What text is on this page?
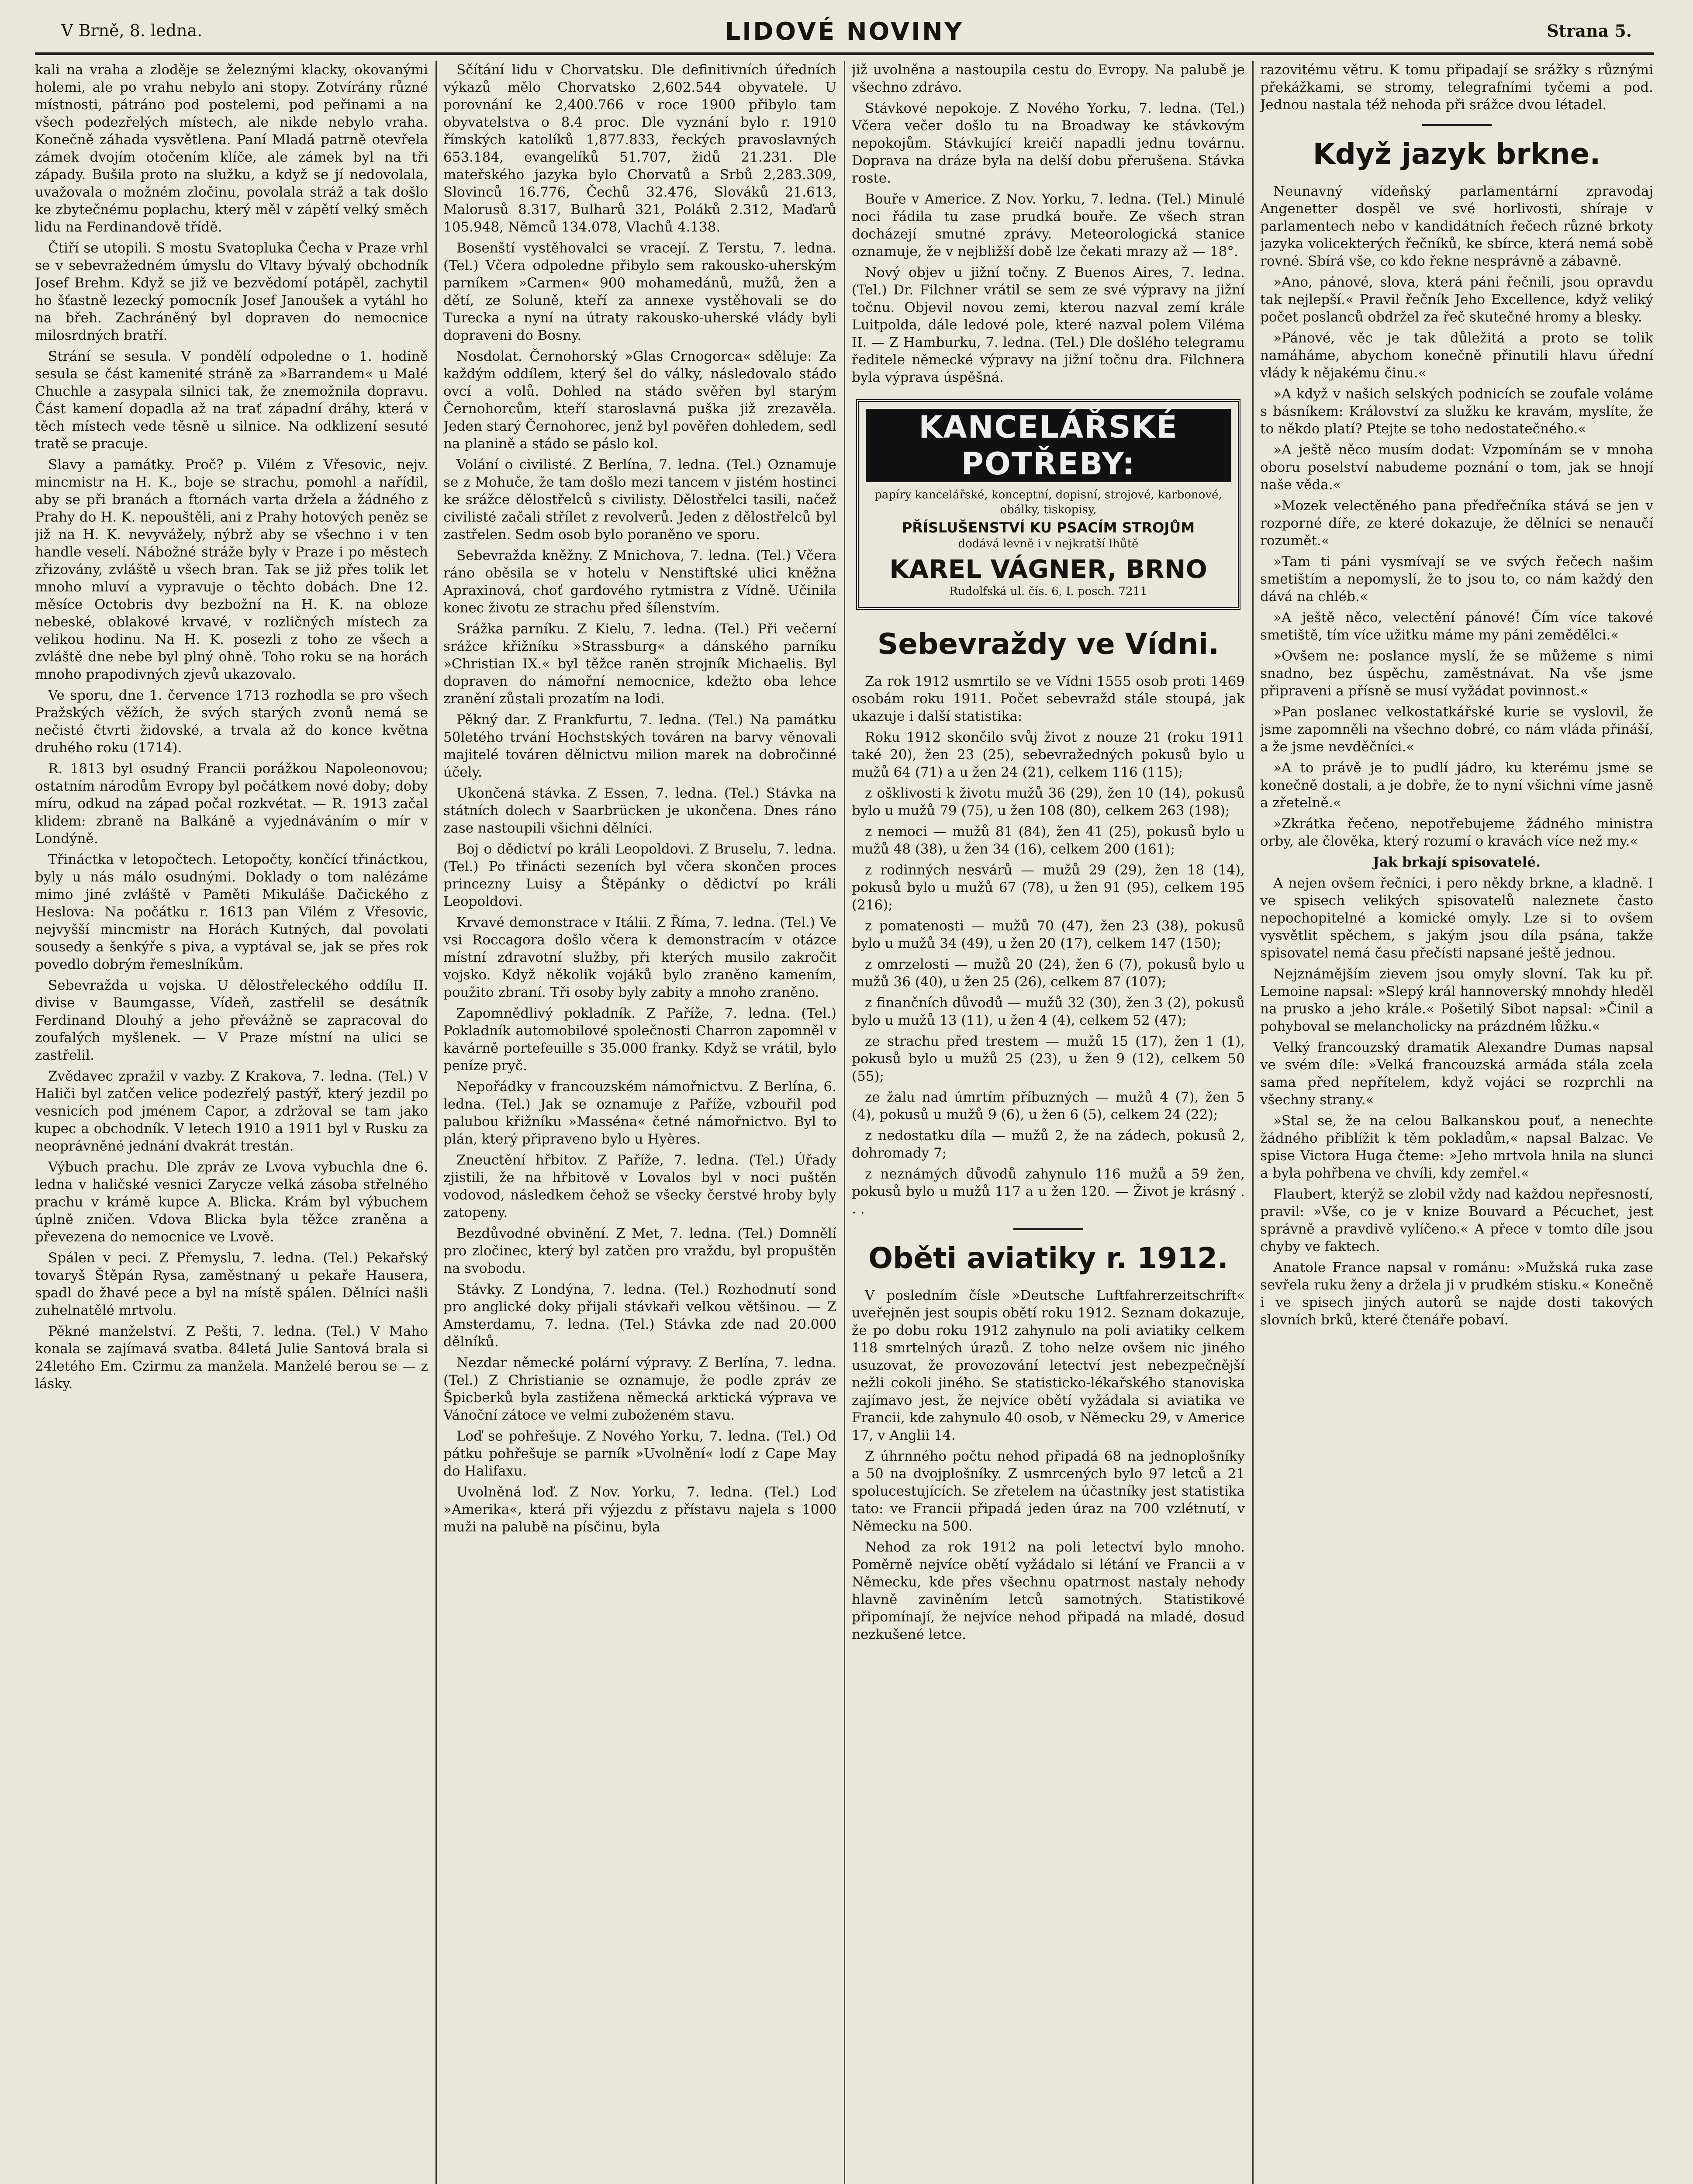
V Brně, 8. ledna.	LIDOVÉ NOVINY	Strana 5.

kali na vraha a zloděje se železnými klacky, okovanými holemi, ale po vrahu nebylo ani stopy. Zotvírány různé místnosti, pátráno pod postelemi, pod peřinami a na všech podezřelých místech, ale nikde nebylo vraha. Konečně záhada vysvětlena. Paní Mladá patrně otevřela zámek dvojím otočením klíče, ale zámek byl na tři západy. Bušila proto na služku, a když se jí nedovolala, uvažovala o možném zločinu, povolala stráž a tak došlo ke zbytečnému poplachu, který měl v zápětí velký směch lidu na Ferdinandově třídě.

Čtiří se utopili. S mostu Svatopluka Čecha v Praze vrhl se v sebevražedném úmyslu do Vltavy bývalý obchodník Josef Brehm. Když se již ve bezvědomí potápěl, zachytil ho šťastně lezecký pomocník Josef Janoušek a vytáhl ho na břeh. Zachráněný byl dopraven do nemocnice milosrdných bratří.

Strání se sesula. V pondělí odpoledne o 1. hodině sesula se část kamenité stráně za »Barrandem« u Malé Chuchle a zasypala silnici tak, že znemožnila dopravu. Část kamení dopadla až na trať západní dráhy, která v těch místech vede těsně u silnice. Na odklizení sesuté tratě se pracuje.

Slavy a památky. Proč? p. Vilém z Vřesovic, nejv. mincmistr na H. K., boje se strachu, pomohl a nařídil, aby se při branách a ftornách varta držela a žádného z Prahy do H. K. nepouštěli, ani z Prahy hotových peněz se již na H. K. nevyvážely, nýbrž aby se všechno i v ten handle veselí. Nábožné stráže byly v Praze i po městech zřizovány, zvláště u všech bran. Tak se již přes tolik let mnoho mluví a vypravuje o těchto dobách. Dne 12. měsíce Octobris dvy bezbožní na H. K. na obloze nebeské, oblakové krvavé, v rozličných místech za velikou hodinu. Na H. K. posezli z toho ze všech a zvláště dne nebe byl plný ohně. Toho roku se na horách mnoho prapodivných zjevů ukazovalo.

Ve sporu, dne 1. července 1713 rozhodla se pro všech Pražských věžích, že svých starých zvonů nemá se nečisté čtvrti židovské, a trvala až do konce května druhého roku (1714).

R. 1813 byl osudný Francii porážkou Napoleonovou; ostatním národům Evropy byl počátkem nové doby; doby míru, odkud na západ počal rozkvétat. — R. 1913 začal klidem: zbraně na Balkáně a vyjednáváním o mír v Londýně.

Třináctka v letopočtech. Letopočty, končící třináctkou, byly u nás málo osudnými. Doklady o tom nalézáme mimo jiné zvláště v Paměti Mikuláše Dačického z Heslova: Na počátku r. 1613 pan Vilém z Vřesovic, nejvyšší mincmistr na Horách Kutných, dal povolati sousedy a šenkýře s piva, a vyptával se, jak se přes rok povedlo dobrým řemeslníkům.

Sebevražda u vojska. U dělostřeleckého oddílu II. divise v Baumgasse, Vídeň, zastřelil se desátník Ferdinand Dlouhý a jeho převážně se zapracoval do zoufalých myšlenek. — V Praze místní na ulici se zastřelil.

Zvědavec zpražil v vazby. Z Krakova, 7. ledna. (Tel.) V Haliči byl zatčen velice podezřelý pastýř, který jezdil po vesnicích pod jménem Capor, a zdržoval se tam jako kupec a obchodník. V letech 1910 a 1911 byl v Rusku za neoprávněné jednání dvakrát trestán.

Výbuch prachu. Dle zpráv ze Lvova vybuchla dne 6. ledna v haličské vesnici Zarycze velká zásoba střelného prachu v krámě kupce A. Blicka. Krám byl výbuchem úplně zničen. Vdova Blicka byla těžce zraněna a převezena do nemocnice ve Lvově.

Spálen v peci. Z Přemyslu, 7. ledna. (Tel.) Pekařský tovaryš Štěpán Rysa, zaměstnaný u pekaře Hausera, spadl do žhavé pece a byl na místě spálen. Dělníci našli zuhelnatělé mrtvolu.

Pěkné manželství. Z Pešti, 7. ledna. (Tel.) V Maho konala se zajímavá svatba. 84letá Julie Santová brala si 24letého Em. Czirmu za manžela. Manželé berou se — z lásky.

Sčítání lidu v Chorvatsku. Dle definitivních úředních výkazů mělo Chorvatsko 2,602.544 obyvatele. U porovnání ke 2,400.766 v roce 1900 přibylo tam obyvatelstva o 8.4 proc. Dle vyznání bylo r. 1910 římských katolíků 1,877.833, řeckých pravoslavných 653.184, evangelíků 51.707, židů 21.231. Dle mateřského jazyka bylo Chorvatů a Srbů 2,283.309, Slovinců 16.776, Čechů 32.476, Slováků 21.613, Malorusů 8.317, Bulharů 321, Poláků 2.312, Maďarů 105.948, Němců 134.078, Vlachů 4.138.

Bosenští vystěhovalci se vracejí. Z Terstu, 7. ledna. (Tel.) Včera odpoledne přibylo sem rakousko-uherským parníkem »Carmen« 900 mohamedánů, mužů, žen a dětí, ze Soluně, kteří za annexe vystěhovali se do Turecka a nyní na útraty rakousko-uherské vlády byli dopraveni do Bosny.

Nosdolat. Černohorský »Glas Crnogorca« sděluje: Za každým oddílem, který šel do války, následovalo stádo ovcí a volů. Dohled na stádo svěřen byl starým Černohorcům, kteří staroslavná puška již zrezavěla. Jeden starý Černohorec, jenž byl pověřen dohledem, sedl na planině a stádo se páslo kol.

Volání o civilisté. Z Berlína, 7. ledna. (Tel.) Oznamuje se z Mohuče, že tam došlo mezi tancem v jistém hostinci ke srážce dělostřelců s civilisty. Dělostřelci tasili, načež civilisté začali střílet z revolverů. Jeden z dělostřelců byl zastřelen. Sedm osob bylo poraněno ve sporu.

Sebevražda kněžny. Z Mnichova, 7. ledna. (Tel.) Včera ráno oběsila se v hotelu v Nenstiftské ulici kněžna Apraxinová, choť gardového rytmistra z Vídně. Učinila konec životu ze strachu před šílenstvím.

Srážka parníku. Z Kielu, 7. ledna. (Tel.) Při večerní srážce křižníku »Strassburg« a dánského parníku »Christian IX.« byl těžce raněn strojník Michaelis. Byl dopraven do námořní nemocnice, kdežto oba lehce zranění zůstali prozatím na lodi.

Pěkný dar. Z Frankfurtu, 7. ledna. (Tel.) Na památku 50letého trvání Hochstských továren na barvy věnovali majitelé továren dělnictvu milion marek na dobročinné účely.

Ukončená stávka. Z Essen, 7. ledna. (Tel.) Stávka na státních dolech v Saarbrücken je ukončena. Dnes ráno zase nastoupili všichni dělníci.

Boj o dědictví po králi Leopoldovi. Z Bruselu, 7. ledna. (Tel.) Po třinácti sezeních byl včera skončen proces princezny Luisy a Štěpánky o dědictví po králi Leopoldovi.

Krvavé demonstrace v Itálii. Z Říma, 7. ledna. (Tel.) Ve vsi Roccagora došlo včera k demonstracím v otázce místní zdravotní služby, při kterých musilo zakročit vojsko. Když několik vojáků bylo zraněno kamením, použito zbraní. Tři osoby byly zabity a mnoho zraněno.

Zapomnědlivý pokladník. Z Paříže, 7. ledna. (Tel.) Pokladník automobilové společnosti Charron zapomněl v kavárně portefeuille s 35.000 franky. Když se vrátil, bylo peníze pryč.

Nepořádky v francouzském námořnictvu. Z Berlína, 6. ledna. (Tel.) Jak se oznamuje z Paříže, vzbouřil pod palubou křižníku »Masséna« četné námořnictvo. Byl to plán, který připraveno bylo u Hyères.

Zneuctění hřbitov. Z Paříže, 7. ledna. (Tel.) Úřady zjistili, že na hřbitově v Lovalos byl v noci puštěn vodovod, následkem čehož se všecky čerstvé hroby byly zatopeny.

Bezdůvodné obvinění. Z Met, 7. ledna. (Tel.) Domnělí pro zločinec, který byl zatčen pro vraždu, byl propuštěn na svobodu.

Stávky. Z Londýna, 7. ledna. (Tel.) Rozhodnutí sond pro anglické doky přijali stávkaři velkou většinou. — Z Amsterdamu, 7. ledna. (Tel.) Stávka zde nad 20.000 dělníků.

Nezdar německé polární výpravy. Z Berlína, 7. ledna. (Tel.) Z Christianie se oznamuje, že podle zpráv ze Špicberků byla zastižena německá arktická výprava ve Vánoční zátoce ve velmi zuboženém stavu.

Loď se pohřešuje. Z Nového Yorku, 7. ledna. (Tel.) Od pátku pohřešuje se parník »Uvolnění« lodí z Cape May do Halifaxu.

Uvolněná loď. Z Nov. Yorku, 7. ledna. (Tel.) Loď »Amerika«, která při výjezdu z přístavu najela s 1000 muži na palubě na písčinu, byla

již uvolněna a nastoupila cestu do Evropy. Na palubě je všechno zdrávo.

Stávkové nepokoje. Z Nového Yorku, 7. ledna. (Tel.) Včera večer došlo tu na Broadway ke stávkovým nepokojům. Stávkující kreičí napadli jednu továrnu. Doprava na dráze byla na delší dobu přerušena. Stávka roste.

Bouře v Americe. Z Nov. Yorku, 7. ledna. (Tel.) Minulé noci řádila tu zase prudká bouře. Ze všech stran docházejí smutné zprávy. Meteorologická stanice oznamuje, že v nejbližší době lze čekati mrazy až — 18°.

Nový objev u jižní točny. Z Buenos Aires, 7. ledna. (Tel.) Dr. Filchner vrátil se sem ze své výpravy na jižní točnu. Objevil novou zemi, kterou nazval zemí krále Luitpolda, dále ledové pole, které nazval polem Viléma II. — Z Hamburku, 7. ledna. (Tel.) Dle došlého telegramu ředitele německé výpravy na jižní točnu dra. Filchnera byla výprava úspěšná.

KANCELÁŘSKÉ POTŘEBY:
papíry kancelářské, konceptní, dopisní, strojové, karbonové, obálky, tiskopisy,
PŘÍSLUŠENSTVÍ KU PSACÍM STROJŮM
dodává levně i v nejkratší lhůtě
KAREL VÁGNER, BRNO
Rudolfská ul. čís. 6, I. posch. 7211
Sebevraždy ve Vídni.

Za rok 1912 usmrtilo se ve Vídni 1555 osob proti 1469 osobám roku 1911. Počet sebevražd stále stoupá, jak ukazuje i další statistika:

Roku 1912 skončilo svůj život z nouze 21 (roku 1911 také 20), žen 23 (25), sebevražedných pokusů bylo u mužů 64 (71) a u žen 24 (21), celkem 116 (115);

z ošklivosti k životu mužů 36 (29), žen 10 (14), pokusů bylo u mužů 79 (75), u žen 108 (80), celkem 263 (198);

z nemoci — mužů 81 (84), žen 41 (25), pokusů bylo u mužů 48 (38), u žen 34 (16), celkem 200 (161);

z rodinných nesvárů — mužů 29 (29), žen 18 (14), pokusů bylo u mužů 67 (78), u žen 91 (95), celkem 195 (216);

z pomatenosti — mužů 70 (47), žen 23 (38), pokusů bylo u mužů 34 (49), u žen 20 (17), celkem 147 (150);

z omrzelosti — mužů 20 (24), žen 6 (7), pokusů bylo u mužů 36 (40), u žen 25 (26), celkem 87 (107);

z finančních důvodů — mužů 32 (30), žen 3 (2), pokusů bylo u mužů 13 (11), u žen 4 (4), celkem 52 (47);

ze strachu před trestem — mužů 15 (17), žen 1 (1), pokusů bylo u mužů 25 (23), u žen 9 (12), celkem 50 (55);

ze žalu nad úmrtím příbuzných — mužů 4 (7), žen 5 (4), pokusů u mužů 9 (6), u žen 6 (5), celkem 24 (22);

z nedostatku díla — mužů 2, že na zádech, pokusů 2, dohromady 7;

z neznámých důvodů zahynulo 116 mužů a 59 žen, pokusů bylo u mužů 117 a u žen 120. — Život je krásný . . .

Oběti aviatiky r. 1912.

V posledním čísle »Deutsche Luftfahrerzeitschrift« uveřejněn jest soupis obětí roku 1912. Seznam dokazuje, že po dobu roku 1912 zahynulo na poli aviatiky celkem 118 smrtelných úrazů. Z toho nelze ovšem nic jiného usuzovat, že provozování letectví jest nebezpečnější nežli cokoli jiného. Se statisticko-lékařského stanoviska zajímavo jest, že nejvíce obětí vyžádala si aviatika ve Francii, kde zahynulo 40 osob, v Německu 29, v Americe 17, v Anglii 14.

Z úhrnného počtu nehod připadá 68 na jednoplošníky a 50 na dvojplošníky. Z usmrcených bylo 97 letců a 21 spolucestujících. Se zřetelem na účastníky jest statistika tato: ve Francii připadá jeden úraz na 700 vzlétnutí, v Německu na 500.

Nehod za rok 1912 na poli letectví bylo mnoho. Poměrně nejvíce obětí vyžádalo si létání ve Francii a v Německu, kde přes všechnu opatrnost nastaly nehody hlavně zaviněním letců samotných. Statistikové připomínají, že nejvíce nehod připadá na mladé, dosud nezkušené letce.

razovitému větru. K tomu připadají se srážky s různými překážkami, se stromy, telegrafními tyčemi a pod. Jednou nastala též nehoda při srážce dvou létadel.

Když jazyk brkne.

Neunavný vídeňský parlamentární zpravodaj Angenetter dospěl ve své horlivosti, shíraje v parlamentech nebo v kandidátních řečech různé brkoty jazyka volicekterých řečníků, ke sbírce, která nemá sobě rovné. Sbírá vše, co kdo řekne nesprávně a zábavně.

»Ano, pánové, slova, která páni řečnili, jsou opravdu tak nejlepší.« Pravil řečník Jeho Excellence, když veliký počet poslanců obdržel za řeč skutečné hromy a blesky.

»Pánové, věc je tak důležitá a proto se tolik namáháme, abychom konečně přinutili hlavu úřední vlády k nějakému činu.«

»A když v našich selských podnicích se zoufale voláme s básníkem: Království za služku ke kravám, myslíte, že to někdo platí? Ptejte se toho nedostatečného.«

»A ještě něco musím dodat: Vzpomínám se v mnoha oboru poselství nabudeme poznání o tom, jak se hnojí naše věda.«

»Mozek velectěného pana předřečníka stává se jen v rozporné díře, ze které dokazuje, že dělníci se nenaučí rozumět.«

»Tam ti páni vysmívají se ve svých řečech našim smetištím a nepomyslí, že to jsou to, co nám každý den dává na chléb.«

»A ještě něco, velectění pánové! Čím více takové smetiště, tím více užitku máme my páni zemědělci.«

»Ovšem ne: poslance myslí, že se můžeme s nimi snadno, bez úspěchu, zaměstnávat. Na vše jsme připraveni a přísně se musí vyžádat povinnost.«

»Pan poslanec velkostatkářské kurie se vyslovil, že jsme zapomněli na všechno dobré, co nám vláda přináší, a že jsme nevděčníci.«

»A to právě je to pudlí jádro, ku kterému jsme se konečně dostali, a je dobře, že to nyní všichni víme jasně a zřetelně.«

»Zkrátka řečeno, nepotřebujeme žádného ministra orby, ale člověka, který rozumí o kravách více než my.«

Jak brkají spisovatelé.

A nejen ovšem řečníci, i pero někdy brkne, a kladně. I ve spisech velikých spisovatelů naleznete často nepochopitelné a komické omyly. Lze si to ovšem vysvětlit spěchem, s jakým jsou díla psána, takže spisovatel nemá času přečísti napsané ještě jednou.

Nejznámějším zievem jsou omyly slovní. Tak ku př. Lemoine napsal: »Slepý král hannoverský mnohdy hleděl na prusko a jeho krále.« Pošetilý Sibot napsal: »Činil a pohyboval se melancholicky na prázdném lůžku.«

Velký francouzský dramatik Alexandre Dumas napsal ve svém díle: »Velká francouzská armáda stála zcela sama před nepřítelem, když vojáci se rozprchli na všechny strany.«

»Stal se, že na celou Balkanskou pouť, a nenechte žádného přiblížit k těm pokladům,« napsal Balzac. Ve spise Victora Huga čteme: »Jeho mrtvola hnila na slunci a byla pohřbena ve chvíli, kdy zemřel.«

Flaubert, kterýž se zlobil vždy nad každou nepřesností, pravil: »Vše, co je v knize Bouvard a Pécuchet, jest správně a pravdivě vylíčeno.« A přece v tomto díle jsou chyby ve faktech.

Anatole France napsal v románu: »Mužská ruka zase sevřela ruku ženy a držela ji v prudkém stisku.« Konečně i ve spisech jiných autorů se najde dosti takových slovních brků, které čtenáře pobaví.
